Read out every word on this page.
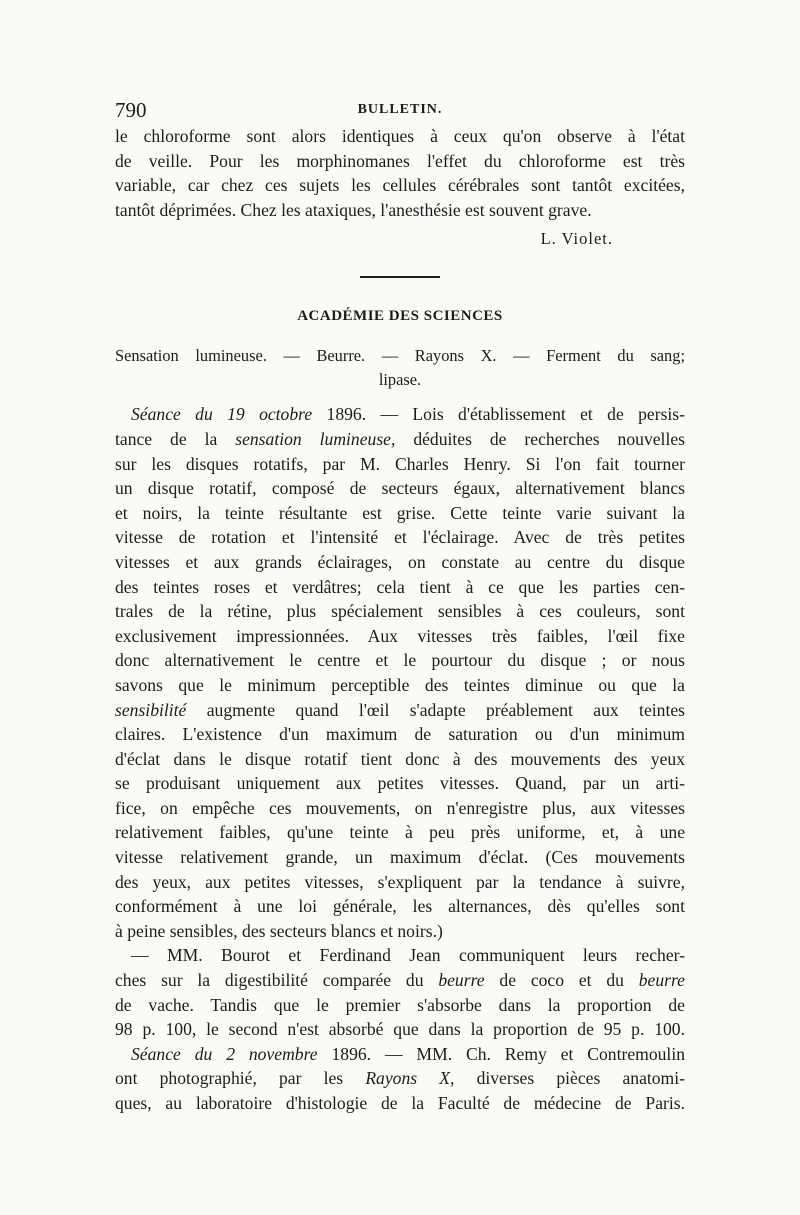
790	BULLETIN.
le chloroforme sont alors identiques à ceux qu'on observe à l'état
de veille. Pour les morphinomanes l'effet du chloroforme est très
variable, car chez ces sujets les cellules cérébrales sont tantôt excitées,
tantôt déprimées. Chez les ataxiques, l'anesthésie est souvent grave.
L. Violet.
ACADÉMIE DES SCIENCES
Sensation lumineuse. — Beurre. — Rayons X. — Ferment du sang;
lipase.
Séance du 19 octobre 1896. — Lois d'établissement et de persis-
tance de la sensation lumineuse, déduites de recherches nouvelles
sur les disques rotatifs, par M. Charles Henry. Si l'on fait tourner
un disque rotatif, composé de secteurs égaux, alternativement blancs
et noirs, la teinte résultante est grise. Cette teinte varie suivant la
vitesse de rotation et l'intensité et l'éclairage. Avec de très petites
vitesses et aux grands éclairages, on constate au centre du disque
des teintes roses et verdâtres; cela tient à ce que les parties cen-
trales de la rétine, plus spécialement sensibles à ces couleurs, sont
exclusivement impressionnées. Aux vitesses très faibles, l'œil fixe
donc alternativement le centre et le pourtour du disque ; or nous
savons que le minimum perceptible des teintes diminue ou que la
sensibilité augmente quand l'œil s'adapte préablement aux teintes
claires. L'existence d'un maximum de saturation ou d'un minimum
d'éclat dans le disque rotatif tient donc à des mouvements des yeux
se produisant uniquement aux petites vitesses. Quand, par un arti-
fice, on empêche ces mouvements, on n'enregistre plus, aux vitesses
relativement faibles, qu'une teinte à peu près uniforme, et, à une
vitesse relativement grande, un maximum d'éclat. (Ces mouvements
des yeux, aux petites vitesses, s'expliquent par la tendance à suivre,
conformément à une loi générale, les alternances, dès qu'elles sont
à peine sensibles, des secteurs blancs et noirs.)
— MM. Bourot et Ferdinand Jean communiquent leurs recher-
ches sur la digestibilité comparée du beurre de coco et du beurre
de vache. Tandis que le premier s'absorbe dans la proportion de
98 p. 100, le second n'est absorbé que dans la proportion de 95 p. 100.
Séance du 2 novembre 1896. — MM. Ch. Remy et Contremoulin
ont photographié, par les Rayons X, diverses pièces anatomi-
ques, au laboratoire d'histologie de la Faculté de médecine de Paris.
